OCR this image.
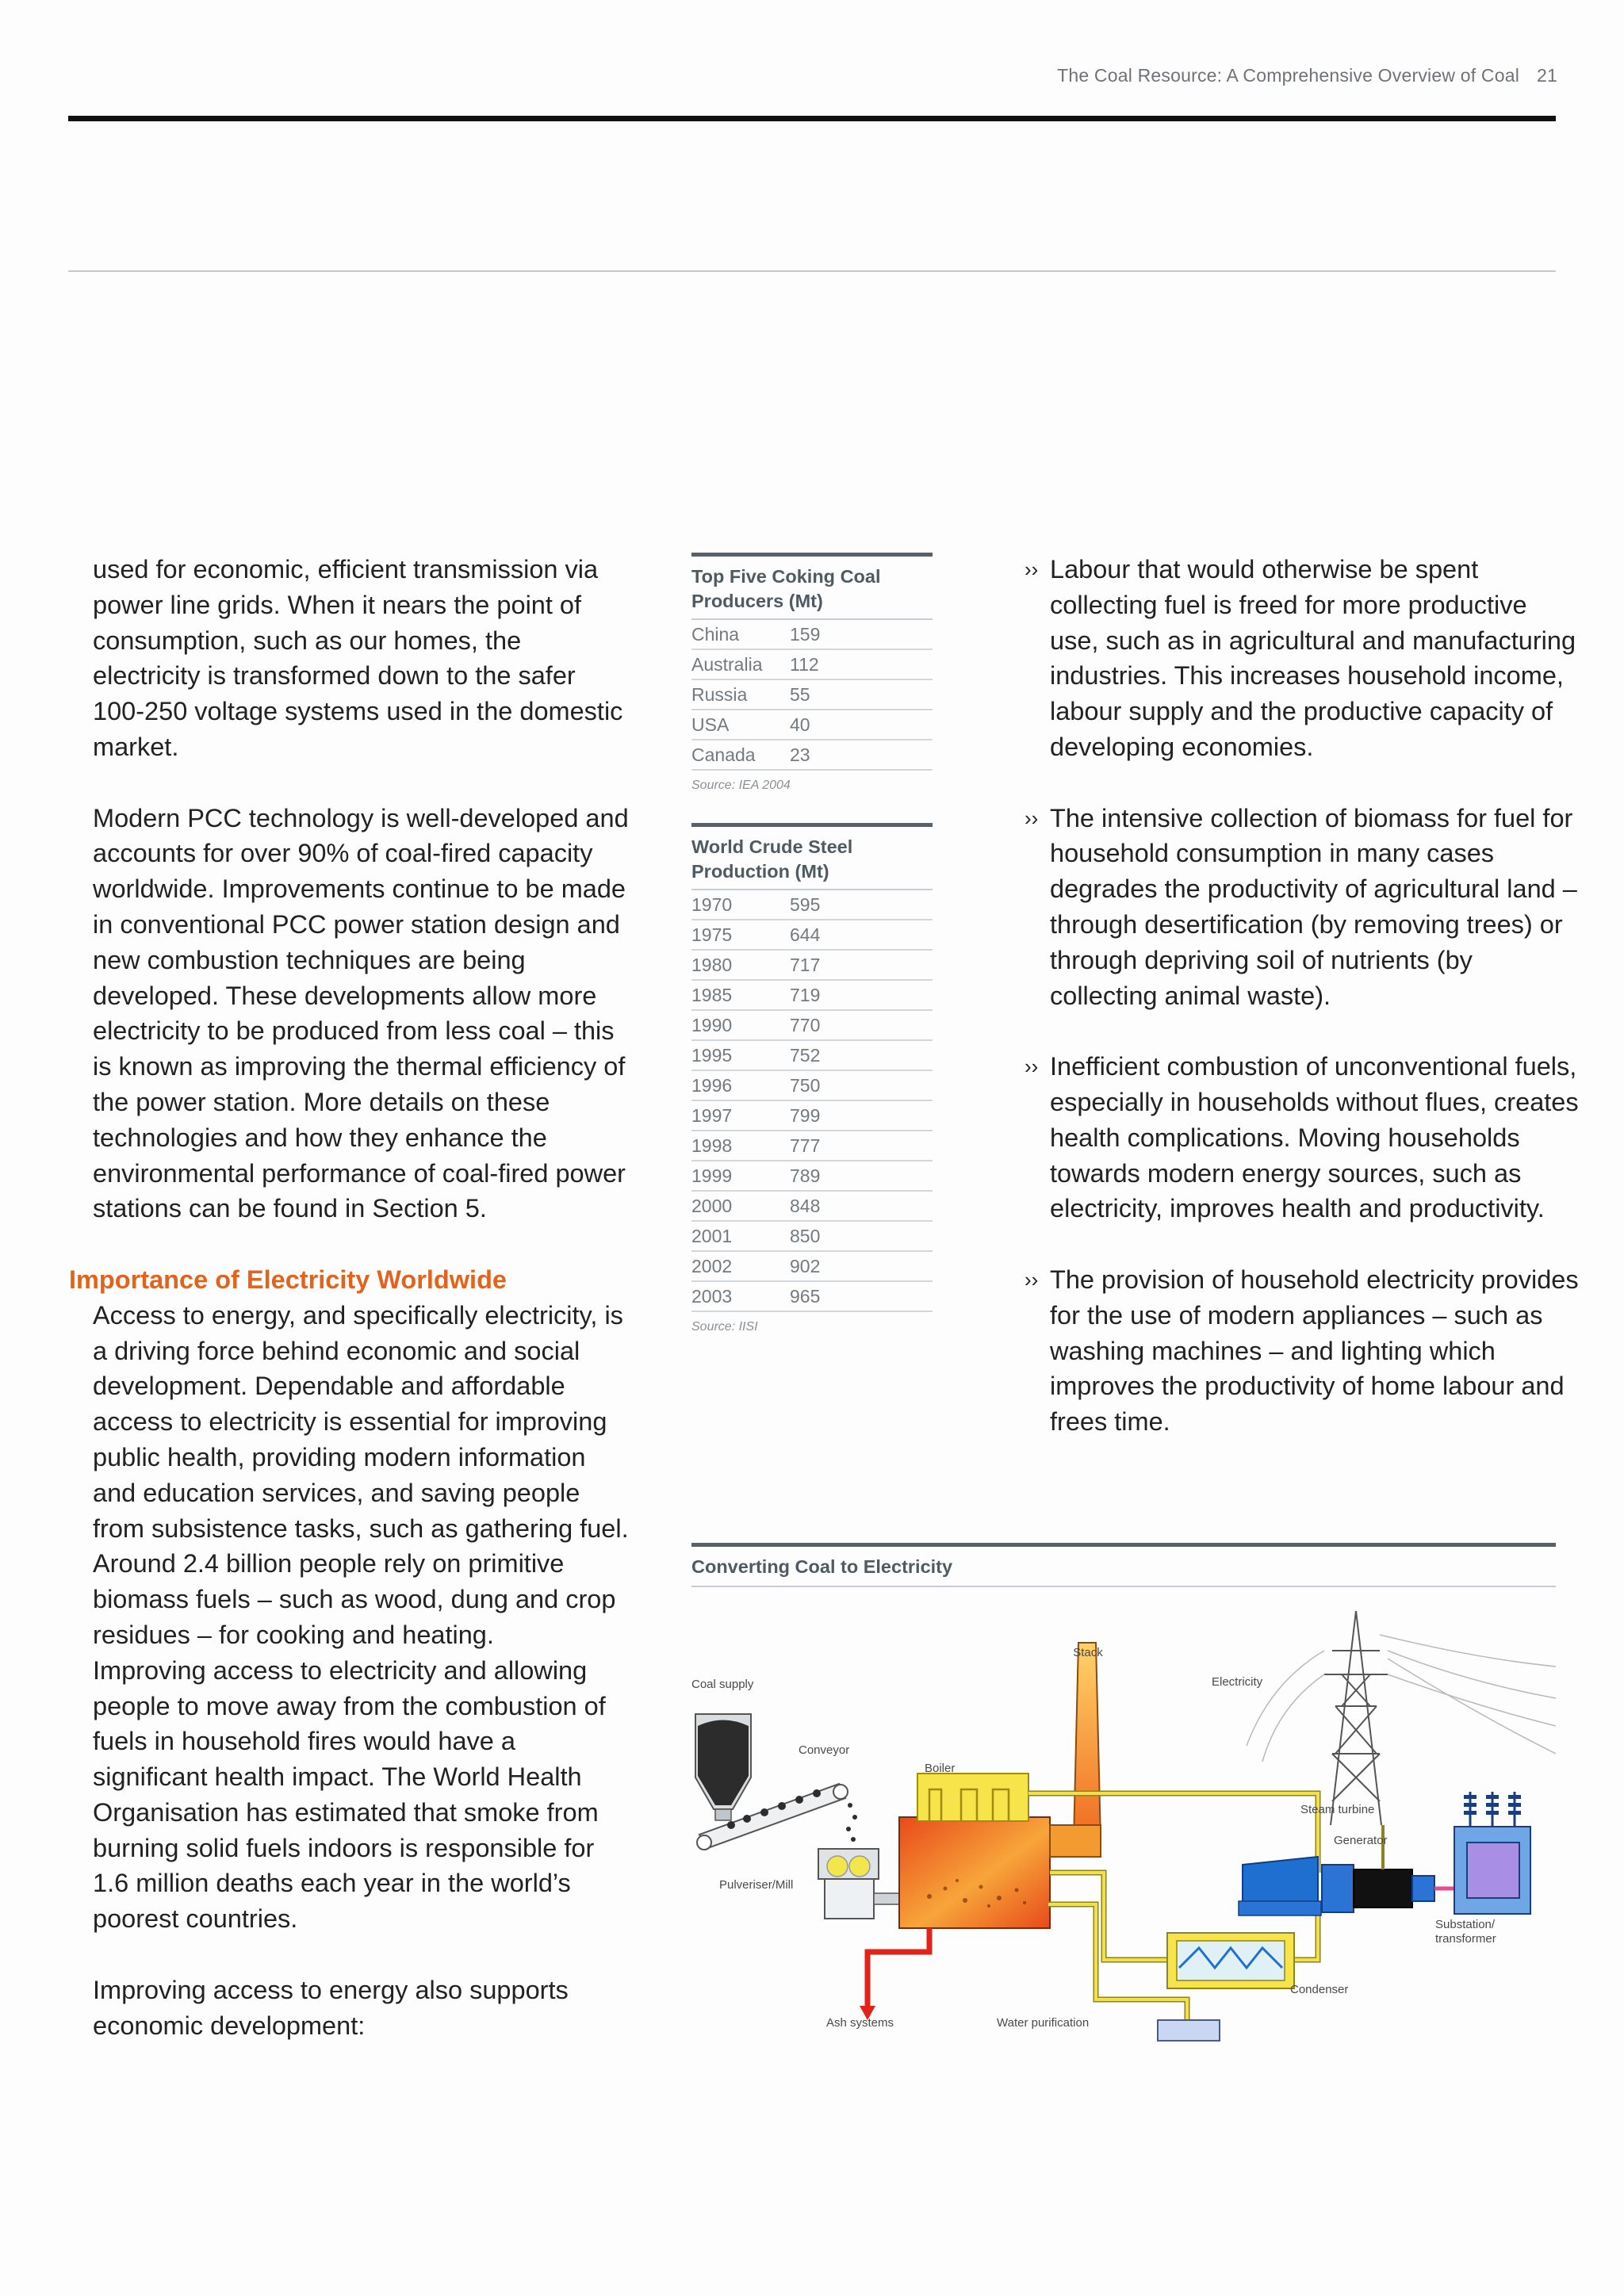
The Coal Resource: A Comprehensive Overview of Coal 21

used for economic, efficient transmission via power line grids. When it nears the point of consumption, such as our homes, the electricity is transformed down to the safer 100-250 voltage systems used in the domestic market.

Modern PCC technology is well-developed and accounts for over 90% of coal-fired capacity worldwide. Improvements continue to be made in conventional PCC power station design and new combustion techniques are being developed. These developments allow more electricity to be produced from less coal – this is known as improving the thermal efficiency of the power station. More details on these technologies and how they enhance the environmental performance of coal-fired power stations can be found in Section 5.

Importance of Electricity Worldwide

Access to energy, and specifically electricity, is a driving force behind economic and social development. Dependable and affordable access to electricity is essential for improving public health, providing modern information and education services, and saving people from subsistence tasks, such as gathering fuel. Around 2.4 billion people rely on primitive biomass fuels – such as wood, dung and crop residues – for cooking and heating.

Improving access to electricity and allowing people to move away from the combustion of fuels in household fires would have a significant health impact. The World Health Organisation has estimated that smoke from burning solid fuels indoors is responsible for 1.6 million deaths each year in the world’s poorest countries.

Improving access to energy also supports economic development:

Top Five Coking Coal Producers (Mt)
China	159
Australia	112
Russia	55
USA	40
Canada	23
Source: IEA 2004
World Crude Steel Production (Mt)
1970	595
1975	644
1980	717
1985	719
1990	770
1995	752
1996	750
1997	799
1998	777
1999	789
2000	848
2001	850
2002	902
2003	965
Source: IISI
›› Labour that would otherwise be spent collecting fuel is freed for more productive use, such as in agricultural and manufacturing industries. This increases household income, labour supply and the productive capacity of developing economies.
›› The intensive collection of biomass for fuel for household consumption in many cases degrades the productivity of agricultural land – through desertification (by removing trees) or through depriving soil of nutrients (by collecting animal waste).
›› Inefficient combustion of unconventional fuels, especially in households without flues, creates health complications. Moving households towards modern energy sources, such as electricity, improves health and productivity.
›› The provision of household electricity provides for the use of modern appliances – such as washing machines – and lighting which improves the productivity of home labour and frees time.
Converting Coal to Electricity
Coal supply
Conveyor
Boiler
Stack
Electricity
Steam turbine
Generator
Substation/
transformer
Pulveriser/Mill
Condenser
Ash systems	Water purification
